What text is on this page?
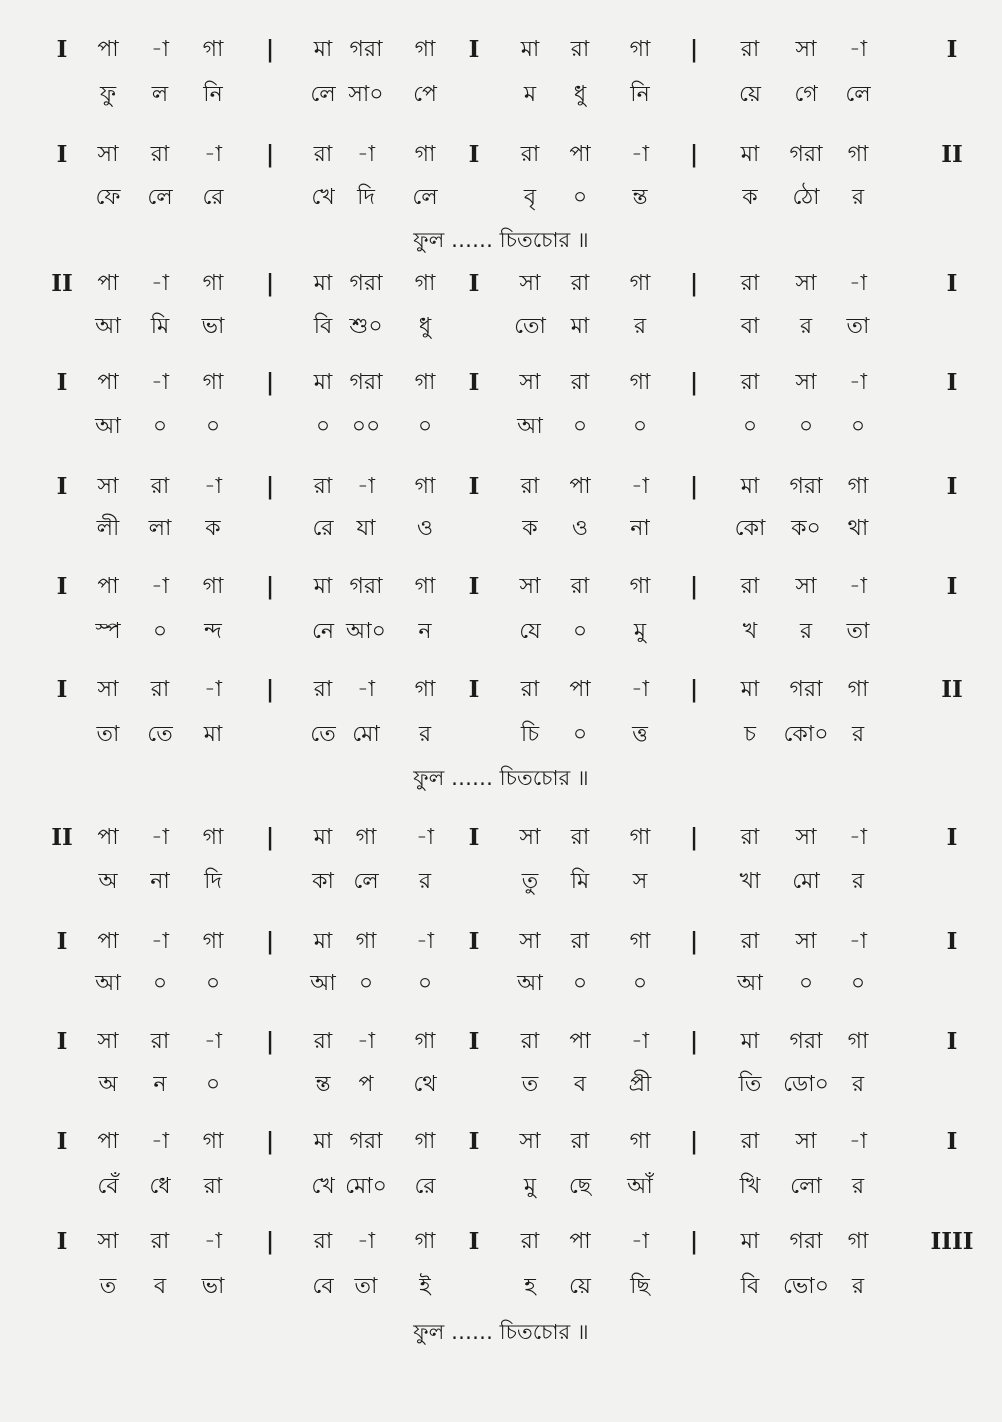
I পা -া গা | মা গরা গা I মা রা গা | রা সা -া	I
ফু ল নি	লে সা০ পে	ম ধু নি	য়ে গে লে
I সা রা -া | রা -া গা I রা পা -া | মা গরা গা	II
ফে লে রে	খে দি লে	বৃ ০ ন্ত	ক ঠো র
ফুল …… চিতচোর ॥
II পা -া গা | মা গরা গা I সা রা গা | রা সা -া	I
আ মি ভা	বি শু০ ধু	তো মা র	বা র তা
I পা -া গা | মা গরা গা I সা রা গা | রা সা -া	I
আ ০ ০	০ ০০ ০	আ ০ ০	০ ০ ০
I সা রা -া | রা -া গা I রা পা -া | মা গরা গা	I
লী লা ক	রে যা ও	ক ও না	কো ক০ থা
I পা -া গা | মা গরা গা I সা রা গা | রা সা -া	I
স্প ০ ন্দ	নে আ০ ন	যে ০ মু	খ র তা
I সা রা -া | রা -া গা I রা পা -া | মা গরা গা	II
তা তে মা	তে মো র	চি ০ ত্ত	চ কো০ র
ফুল …… চিতচোর ॥
II পা -া গা | মা গা -া I সা রা গা | রা সা -া	I
অ না দি	কা লে র	তু মি স	খা মো র
I পা -া গা | মা গা -া I সা রা গা | রা সা -া	I
আ ০ ০	আ ০ ০	আ ০ ০	আ ০ ০
I সা রা -া | রা -া গা I রা পা -া | মা গরা গা	I
অ ন ০	ন্ত প থে	ত ব প্রী	তি ডো০ র
I পা -া গা | মা গরা গা I সা রা গা | রা সা -া	I
বেঁ ধে রা	খে মো০ রে	মু ছে আঁ	খি লো র
I সা রা -া | রা -া গা I রা পা -া | মা গরা গা	IIII
ত ব ভা	বে তা ই	হ য়ে ছি	বি ভো০ র
ফুল …… চিতচোর ॥
